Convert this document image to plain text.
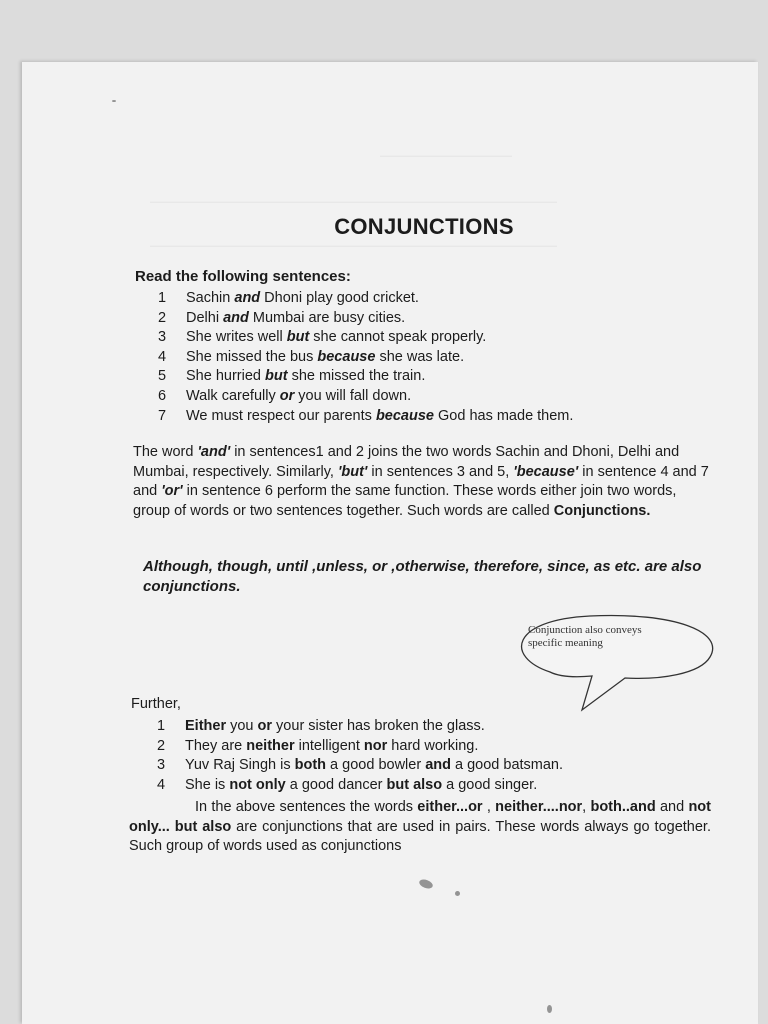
————————————
—————————————————————————————————————
—————————————————————————————————————
CONJUNCTIONS
Read the following sentences:
1 Sachin and Dhoni play good cricket.
2 Delhi and Mumbai are busy cities.
3 She writes well but she cannot speak properly.
4 She missed the bus because she was late.
5 She hurried but she missed the train.
6 Walk carefully or you will fall down.
7 We must respect our parents because God has made them.
The word 'and' in sentences1 and 2 joins the two words Sachin and Dhoni, Delhi and Mumbai, respectively. Similarly, 'but' in sentences 3 and 5, 'because' in sentence 4 and 7 and 'or' in sentence 6 perform the same function. These words either join two words, group of words or two sentences together. Such words are called Conjunctions.
Although, though, until ,unless, or ,otherwise, therefore, since, as etc. are also conjunctions.
Conjunction also conveys specific meaning
Further,
1 Either you or your sister has broken the glass.
2 They are neither intelligent nor hard working.
3 Yuv Raj Singh is both a good bowler and a good batsman.
4 She is not only a good dancer but also a good singer.
In the above sentences the words either...or , neither....nor, both..and and not only... but also are conjunctions that are used in pairs. These words always go together. Such group of words used as conjunctions
